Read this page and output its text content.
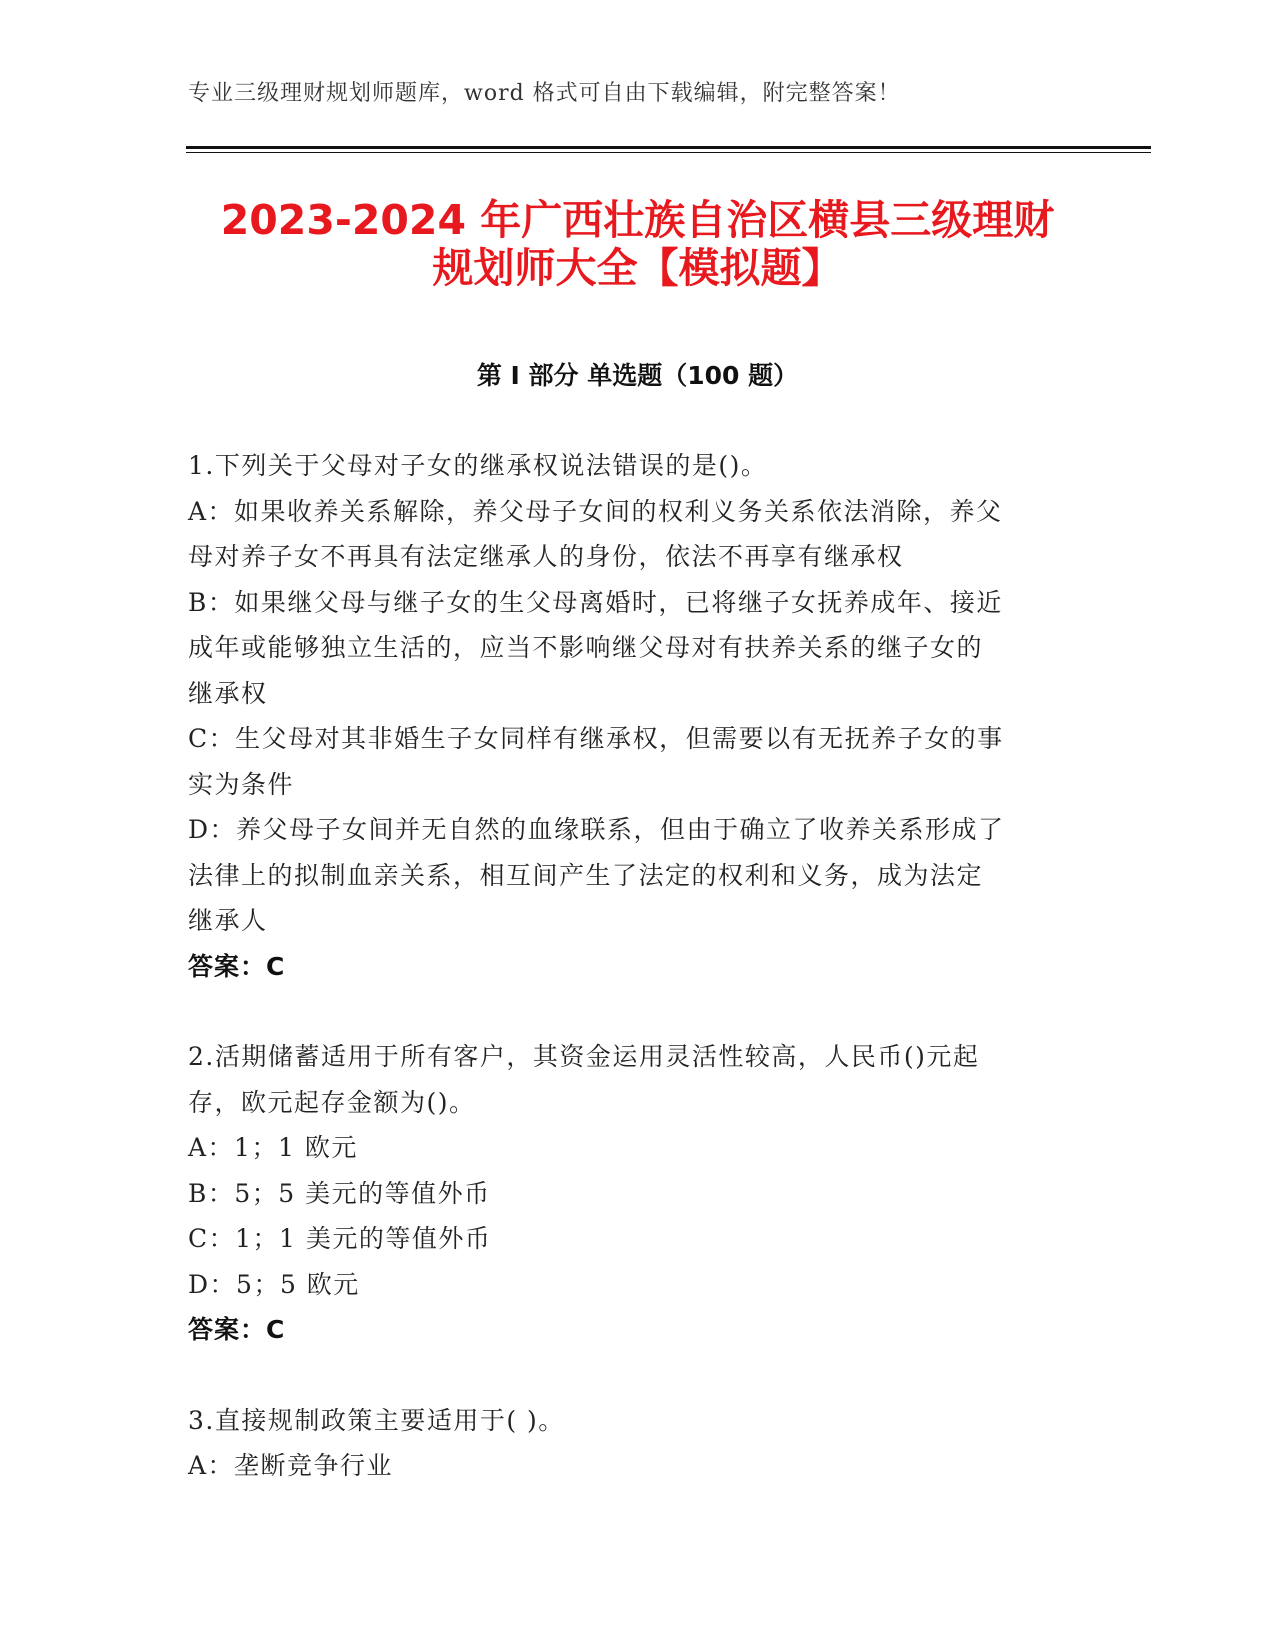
专业三级理财规划师题库，word 格式可自由下载编辑，附完整答案！
2023-2024 年广西壮族自治区横县三级理财
规划师大全【模拟题】
第 I 部分 单选题（100 题）
1.下列关于父母对子女的继承权说法错误的是()。
A：如果收养关系解除，养父母子女间的权利义务关系依法消除，养父
母对养子女不再具有法定继承人的身份，依法不再享有继承权
B：如果继父母与继子女的生父母离婚时，已将继子女抚养成年、接近
成年或能够独立生活的，应当不影响继父母对有扶养关系的继子女的
继承权
C：生父母对其非婚生子女同样有继承权，但需要以有无抚养子女的事
实为条件
D：养父母子女间并无自然的血缘联系，但由于确立了收养关系形成了
法律上的拟制血亲关系，相互间产生了法定的权利和义务，成为法定
继承人
答案：C
2.活期储蓄适用于所有客户，其资金运用灵活性较高，人民币()元起
存，欧元起存金额为()。
A：1；1 欧元
B：5；5 美元的等值外币
C：1；1 美元的等值外币
D：5；5 欧元
答案：C
3.直接规制政策主要适用于( )。
A：垄断竞争行业
